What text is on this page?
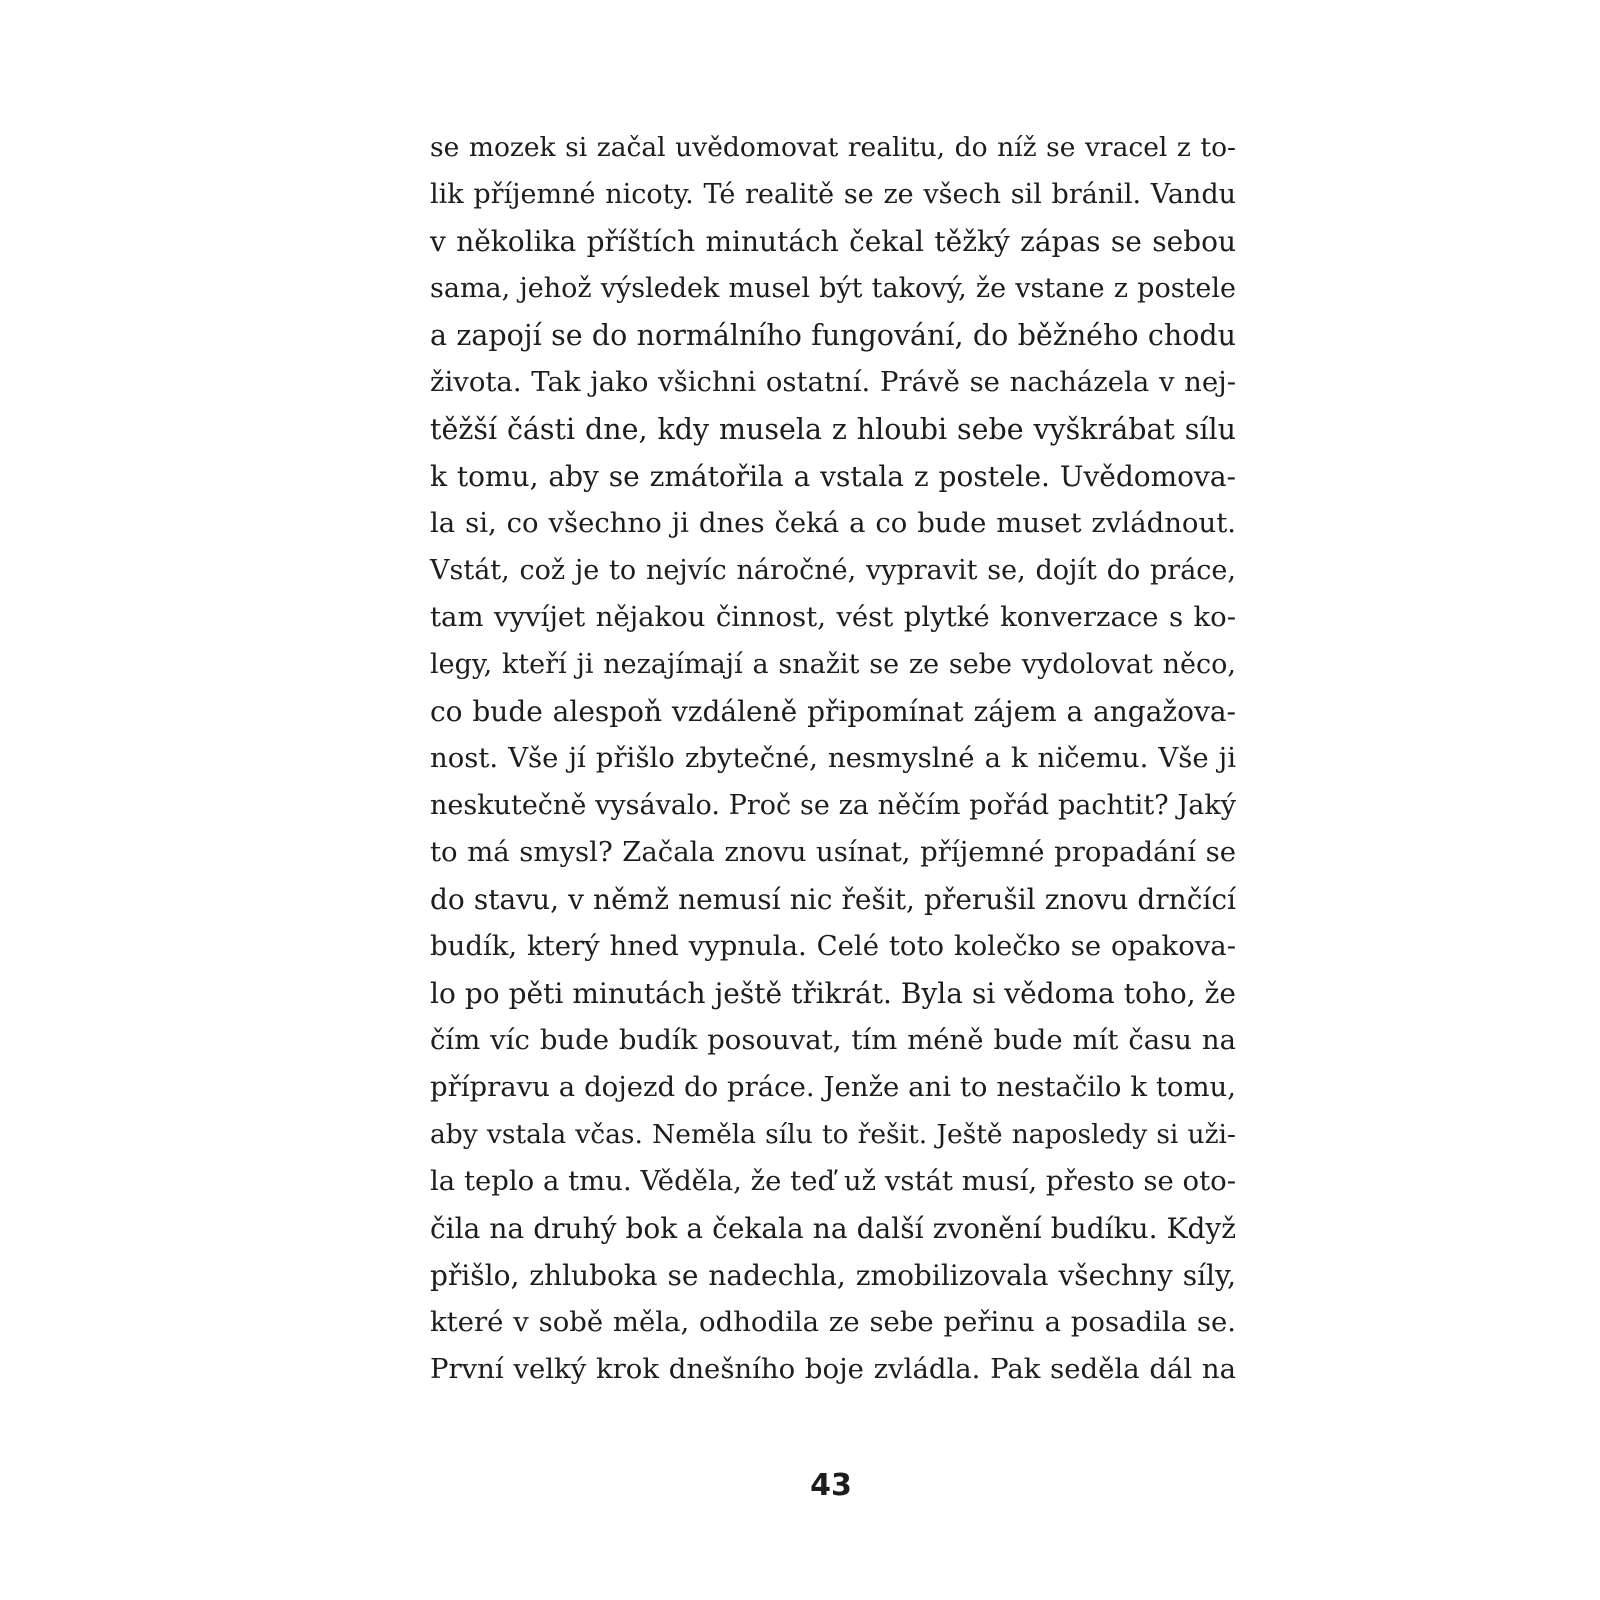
se mozek si začal uvědomovat realitu, do níž se vracel z to-
lik příjemné nicoty. Té realitě se ze všech sil bránil. Vandu
v několika příštích minutách čekal těžký zápas se sebou
sama, jehož výsledek musel být takový, že vstane z postele
a zapojí se do normálního fungování, do běžného chodu
života. Tak jako všichni ostatní. Právě se nacházela v nej-
těžší části dne, kdy musela z hloubi sebe vyškrábat sílu
k tomu, aby se zmátořila a vstala z postele. Uvědomova-
la si, co všechno ji dnes čeká a co bude muset zvládnout.
Vstát, což je to nejvíc náročné, vypravit se, dojít do práce,
tam vyvíjet nějakou činnost, vést plytké konverzace s ko-
legy, kteří ji nezajímají a snažit se ze sebe vydolovat něco,
co bude alespoň vzdáleně připomínat zájem a angažova-
nost. Vše jí přišlo zbytečné, nesmyslné a k ničemu. Vše ji
neskutečně vysávalo. Proč se za něčím pořád pachtit? Jaký
to má smysl? Začala znovu usínat, příjemné propadání se
do stavu, v němž nemusí nic řešit, přerušil znovu drnčící
budík, který hned vypnula. Celé toto kolečko se opakova-
lo po pěti minutách ještě třikrát. Byla si vědoma toho, že
čím víc bude budík posouvat, tím méně bude mít času na
přípravu a dojezd do práce. Jenže ani to nestačilo k tomu,
aby vstala včas. Neměla sílu to řešit. Ještě naposledy si uži-
la teplo a tmu. Věděla, že teď už vstát musí, přesto se oto-
čila na druhý bok a čekala na další zvonění budíku. Když
přišlo, zhluboka se nadechla, zmobilizovala všechny síly,
které v sobě měla, odhodila ze sebe peřinu a posadila se.
První velký krok dnešního boje zvládla. Pak seděla dál na
43
